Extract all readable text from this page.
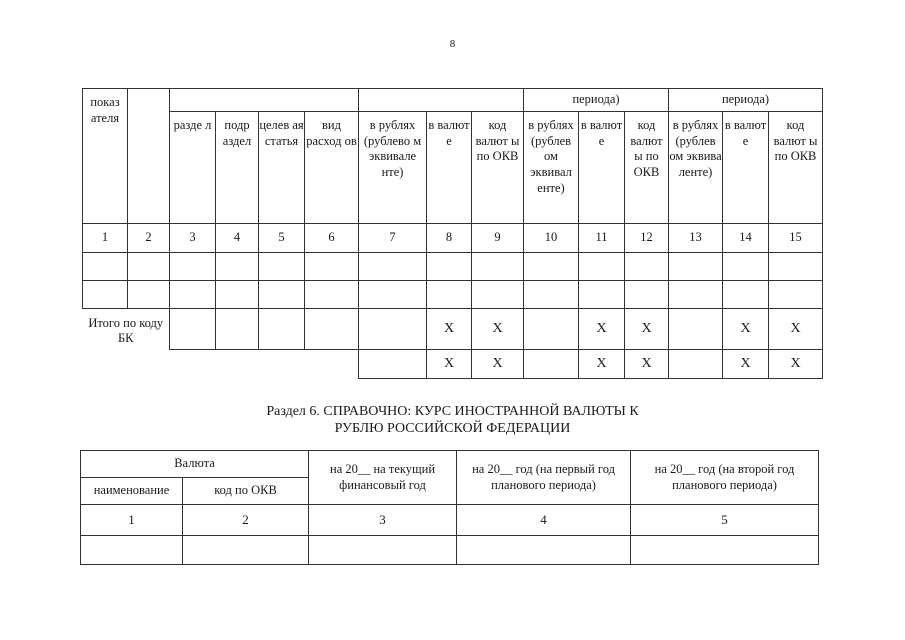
8
показ ателя									периода)			периода)		
		разде л	подр аздел	целев ая статья	вид расход ов	в рублях (рублево м эквивале нте)	в валют е	код валют ы по ОКВ	в рублях (рублев ом эквивал енте)	в валют е	код валют ы по ОКВ	в рублях (рублев ом эквива ленте)	в валют е	код валют ы по ОКВ
1	2	3	4	5	6	7	8	9	10	11	12	13	14	15

Итого по коду БК							X	X		X	X		X	X
							X	X		X	X		X	X
Раздел 6. СПРАВОЧНО: КУРС ИНОСТРАННОЙ ВАЛЮТЫ К РУБЛЮ РОССИЙСКОЙ ФЕДЕРАЦИИ
Валюта		на 20__ на текущий финансовый год	на 20__ год (на первый год планового периода)	на 20__ год (на второй год планового периода)
наименование	код по ОКВ			
1	2	3	4	5
